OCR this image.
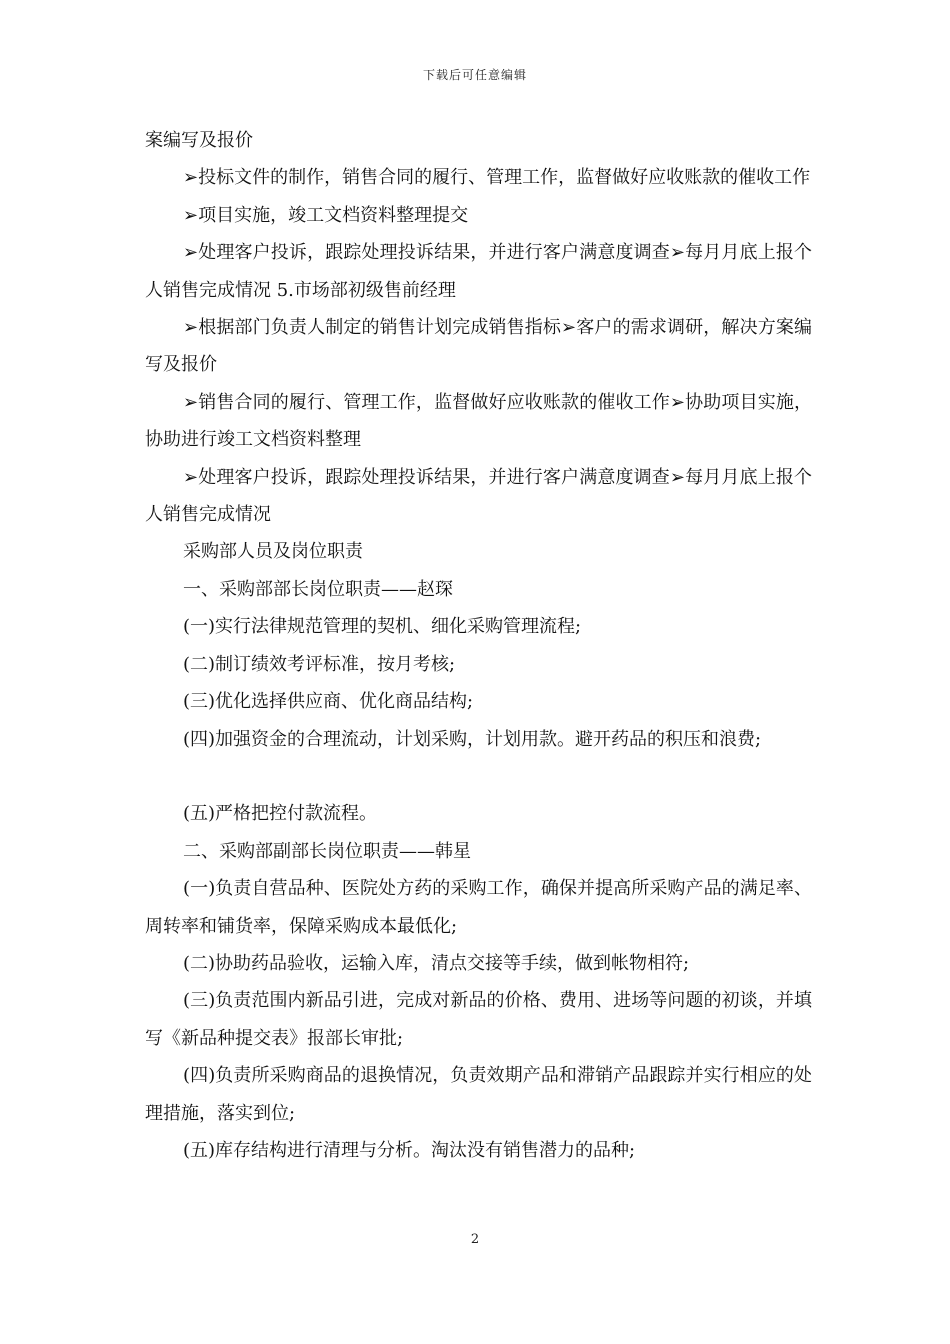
下载后可任意编辑

案编写及报价

➢投标文件的制作，销售合同的履行、管理工作，监督做好应收账款的催收工作

➢项目实施，竣工文档资料整理提交

➢处理客户投诉，跟踪处理投诉结果，并进行客户满意度调查➢每月月底上报个人销售完成情况 5.市场部初级售前经理

➢根据部门负责人制定的销售计划完成销售指标➢客户的需求调研，解决方案编写及报价

➢销售合同的履行、管理工作，监督做好应收账款的催收工作➢协助项目实施，协助进行竣工文档资料整理

➢处理客户投诉，跟踪处理投诉结果，并进行客户满意度调查➢每月月底上报个人销售完成情况

采购部人员及岗位职责

一、采购部部长岗位职责——赵琛

(一)实行法律规范管理的契机、细化采购管理流程;

(二)制订绩效考评标准，按月考核;

(三)优化选择供应商、优化商品结构;

(四)加强资金的合理流动，计划采购，计划用款。避开药品的积压和浪费;

(五)严格把控付款流程。

二、采购部副部长岗位职责——韩星

(一)负责自营品种、医院处方药的采购工作，确保并提高所采购产品的满足率、周转率和铺货率，保障采购成本最低化;

(二)协助药品验收，运输入库，清点交接等手续，做到帐物相符;

(三)负责范围内新品引进，完成对新品的价格、费用、进场等问题的初谈，并填写《新品种提交表》报部长审批;

(四)负责所采购商品的退换情况，负责效期产品和滞销产品跟踪并实行相应的处理措施，落实到位;

(五)库存结构进行清理与分析。淘汰没有销售潜力的品种;

2
